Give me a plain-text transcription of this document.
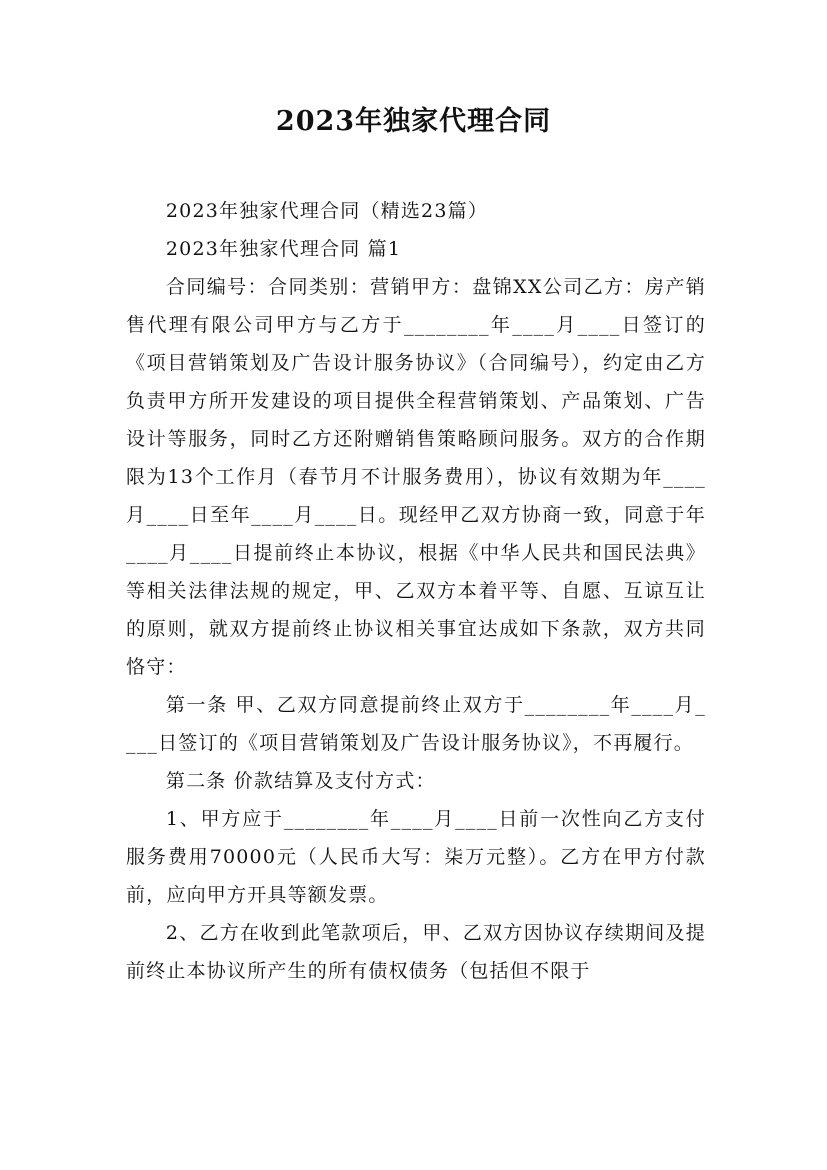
2023年独家代理合同

2023年独家代理合同（精选23篇）

2023年独家代理合同 篇1

合同编号：合同类别：营销甲方：盘锦XX公司乙方：房产销售代理有限公司甲方与乙方于________年____月____日签订的《项目营销策划及广告设计服务协议》（合同编号），约定由乙方负责甲方所开发建设的项目提供全程营销策划、产品策划、广告设计等服务，同时乙方还附赠销售策略顾问服务。双方的合作期限为13个工作月（春节月不计服务费用），协议有效期为年____月____日至年____月____日。现经甲乙双方协商一致，同意于年____月____日提前终止本协议，根据《中华人民共和国民法典》等相关法律法规的规定，甲、乙双方本着平等、自愿、互谅互让的原则，就双方提前终止协议相关事宜达成如下条款，双方共同恪守：

第一条 甲、乙双方同意提前终止双方于________年____月____日签订的《项目营销策划及广告设计服务协议》，不再履行。

第二条 价款结算及支付方式：

1、甲方应于________年____月____日前一次性向乙方支付服务费用70000元（人民币大写：柒万元整）。乙方在甲方付款前，应向甲方开具等额发票。

2、乙方在收到此笔款项后，甲、乙双方因协议存续期间及提前终止本协议所产生的所有债权债务（包括但不限于
